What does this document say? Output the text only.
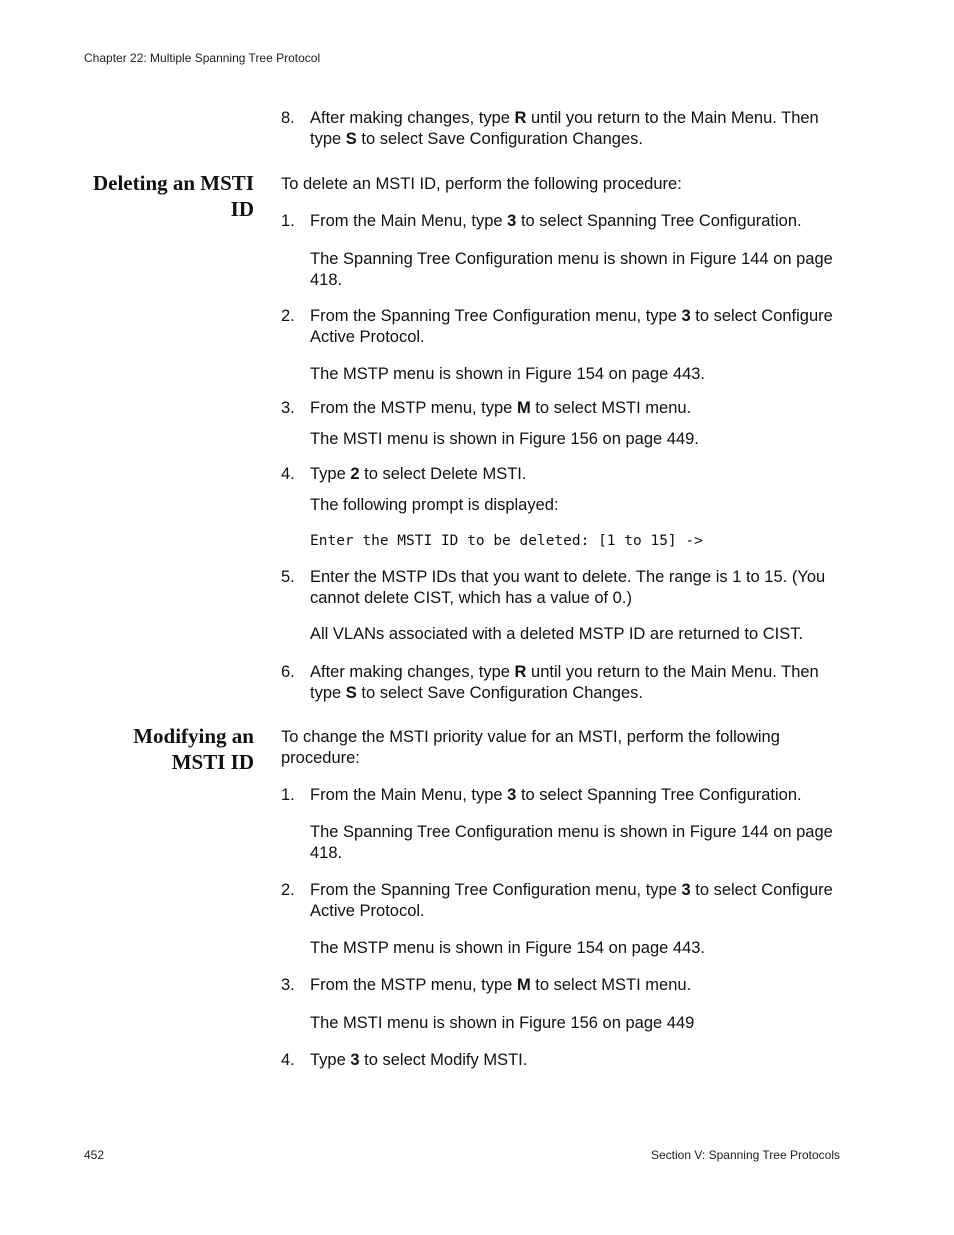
Chapter 22: Multiple Spanning Tree Protocol
8. After making changes, type R until you return to the Main Menu. Then type S to select Save Configuration Changes.
Deleting an MSTI
ID
To delete an MSTI ID, perform the following procedure:
1. From the Main Menu, type 3 to select Spanning Tree Configuration.
The Spanning Tree Configuration menu is shown in Figure 144 on page 418.
2. From the Spanning Tree Configuration menu, type 3 to select Configure Active Protocol.
The MSTP menu is shown in Figure 154 on page 443.
3. From the MSTP menu, type M to select MSTI menu.
The MSTI menu is shown in Figure 156 on page 449.
4. Type 2 to select Delete MSTI.
The following prompt is displayed:
Enter the MSTI ID to be deleted: [1 to 15] ->
5. Enter the MSTP IDs that you want to delete. The range is 1 to 15. (You cannot delete CIST, which has a value of 0.)
All VLANs associated with a deleted MSTP ID are returned to CIST.
6. After making changes, type R until you return to the Main Menu. Then type S to select Save Configuration Changes.
Modifying an
MSTI ID
To change the MSTI priority value for an MSTI, perform the following procedure:
1. From the Main Menu, type 3 to select Spanning Tree Configuration.
The Spanning Tree Configuration menu is shown in Figure 144 on page 418.
2. From the Spanning Tree Configuration menu, type 3 to select Configure Active Protocol.
The MSTP menu is shown in Figure 154 on page 443.
3. From the MSTP menu, type M to select MSTI menu.
The MSTI menu is shown in Figure 156 on page 449
4. Type 3 to select Modify MSTI.
452	Section V: Spanning Tree Protocols
